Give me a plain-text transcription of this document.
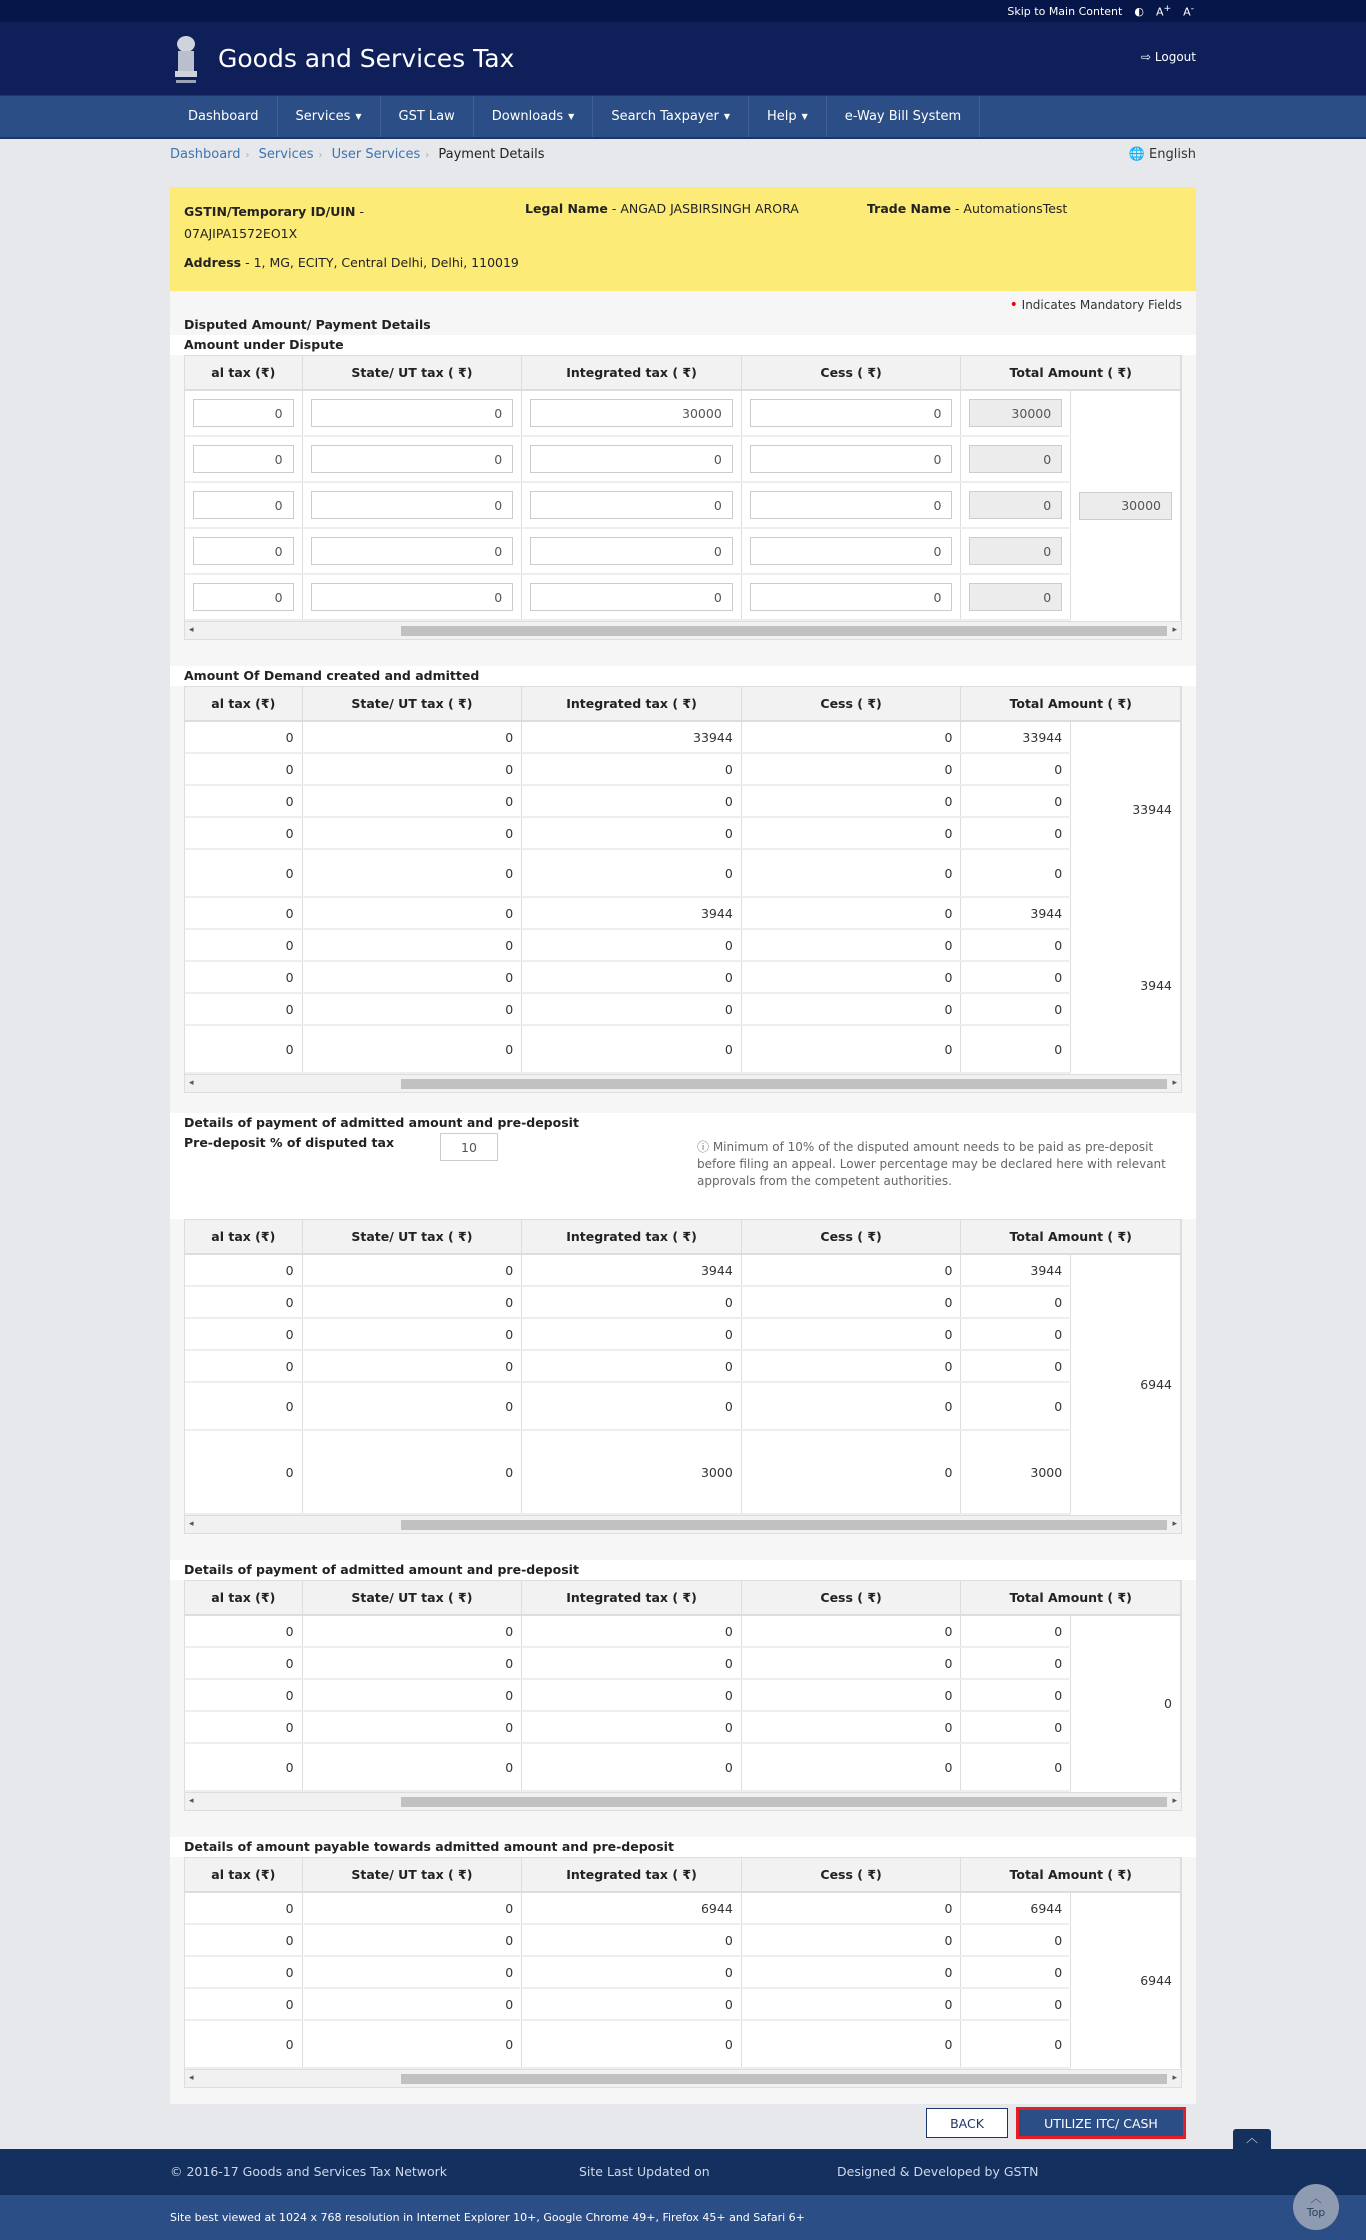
Skip to Main Content ◐ A+ A-
Goods and Services Tax	⇨ Logout
Dashboard	Services ▼	GST Law	Downloads ▼	Search Taxpayer ▼	Help ▼	e-Way Bill System
Dashboard › Services › User Services › Payment Details	🌐 English
GSTIN/Temporary ID/UIN -
07AJIPA1572EO1X
Legal Name - ANGAD JASBIRSINGH ARORA	Trade Name - AutomationsTest
Address - 1, MG, ECITY, Central Delhi, Delhi, 110019
• Indicates Mandatory Fields
Disputed Amount/ Payment Details
Amount under Dispute
al tax (₹)	State/ UT tax ( ₹)	Integrated tax ( ₹)	Cess ( ₹)	Total Amount ( ₹)	
0	0	30000	0	30000	30000
0	0	0	0	0
0	0	0	0	0
0	0	0	0	0
0	0	0	0	0
◂	▸
Amount Of Demand created and admitted
al tax (₹)	State/ UT tax ( ₹)	Integrated tax ( ₹)	Cess ( ₹)	Total Amount ( ₹)	
0	0	33944	0	33944	33944
0	0	0	0	0	
0	0	0	0	0	
0	0	0	0	0	
0	0	0	0	0	
0	0	3944	0	3944	3944
0	0	0	0	0	
0	0	0	0	0	
0	0	0	0	0	
0	0	0	0	0	
◂	▸
Details of payment of admitted amount and pre-deposit
Pre-deposit % of disputed tax
10	ⓘ Minimum of 10% of the disputed amount needs to be paid as pre-deposit before filing an appeal. Lower percentage may be declared here with relevant approvals from the competent authorities.
al tax (₹)	State/ UT tax ( ₹)	Integrated tax ( ₹)	Cess ( ₹)	Total Amount ( ₹)	
0	0	3944	0	3944	6944
0	0	0	0	0	
0	0	0	0	0	
0	0	0	0	0	
0	0	0	0	0	
0	0	3000	0	3000	
◂	▸
Details of payment of admitted amount and pre-deposit
al tax (₹)	State/ UT tax ( ₹)	Integrated tax ( ₹)	Cess ( ₹)	Total Amount ( ₹)	
0	0	0	0	0	0
0	0	0	0	0	
0	0	0	0	0	
0	0	0	0	0	
0	0	0	0	0	
◂	▸
Details of amount payable towards admitted amount and pre-deposit
al tax (₹)	State/ UT tax ( ₹)	Integrated tax ( ₹)	Cess ( ₹)	Total Amount ( ₹)	
0	0	6944	0	6944	6944
0	0	0	0	0	
0	0	0	0	0	
0	0	0	0	0	
0	0	0	0	0	
◂	▸
BACK	UTILIZE ITC/ CASH
︿
© 2016-17 Goods and Services Tax Network	Site Last Updated on	Designed & Developed by GSTN
Site best viewed at 1024 x 768 resolution in Internet Explorer 10+, Google Chrome 49+, Firefox 45+ and Safari 6+
︿
Top
